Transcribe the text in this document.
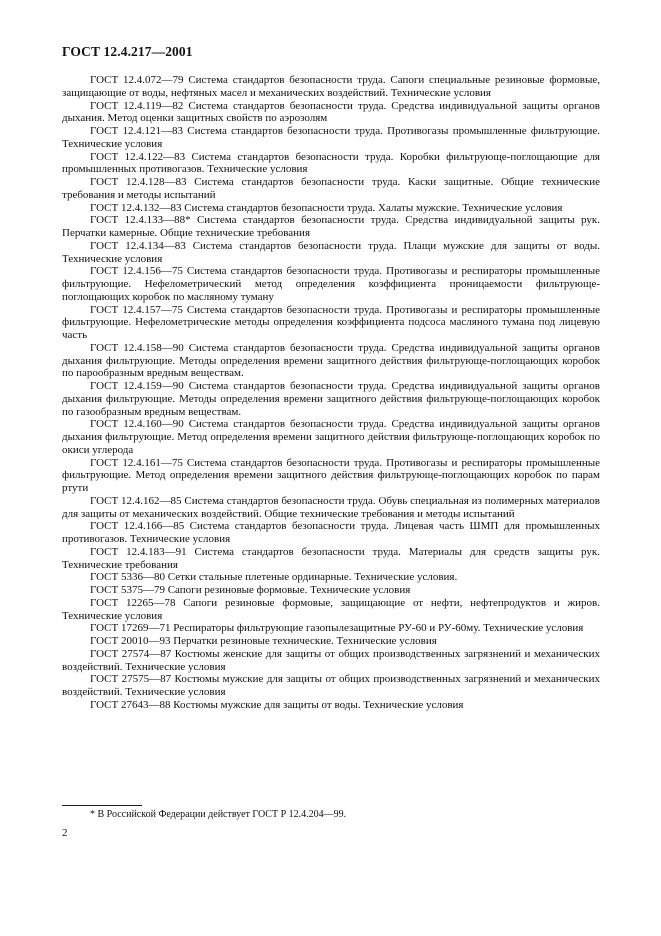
ГОСТ 12.4.217—2001

ГОСТ 12.4.072—79 Система стандартов безопасности труда. Сапоги специальные резиновые формовые, защищающие от воды, нефтяных масел и механических воздействий. Технические условия

ГОСТ 12.4.119—82 Система стандартов безопасности труда. Средства индивидуальной защиты органов дыхания. Метод оценки защитных свойств по аэрозолям

ГОСТ 12.4.121—83 Система стандартов безопасности труда. Противогазы промышленные фильтрующие. Технические условия

ГОСТ 12.4.122—83 Система стандартов безопасности труда. Коробки фильтрующе-поглощающие для промышленных противогазов. Технические условия

ГОСТ 12.4.128—83 Система стандартов безопасности труда. Каски защитные. Общие технические требования и методы испытаний

ГОСТ 12.4.132—83 Система стандартов безопасности труда. Халаты мужские. Технические условия

ГОСТ 12.4.133—88* Система стандартов безопасности труда. Средства индивидуальной защиты рук. Перчатки камерные. Общие технические требования

ГОСТ 12.4.134—83 Система стандартов безопасности труда. Плащи мужские для защиты от воды. Технические условия

ГОСТ 12.4.156—75 Система стандартов безопасности труда. Противогазы и респираторы промышленные фильтрующие. Нефелометрический метод определения коэффициента проницаемости фильтрующе-поглощающих коробок по масляному туману

ГОСТ 12.4.157—75 Система стандартов безопасности труда. Противогазы и респираторы промышленные фильтрующие. Нефелометрические методы определения коэффициента подсоса масляного тумана под лицевую часть

ГОСТ 12.4.158—90 Система стандартов безопасности труда. Средства индивидуальной защиты органов дыхания фильтрующие. Методы определения времени защитного действия фильтрующе-поглощающих коробок по парообразным вредным веществам.

ГОСТ 12.4.159—90 Система стандартов безопасности труда. Средства индивидуальной защиты органов дыхания фильтрующие. Методы определения времени защитного действия фильтрующе-поглощающих коробок по газообразным вредным веществам.

ГОСТ 12.4.160—90 Система стандартов безопасности труда. Средства индивидуальной защиты органов дыхания фильтрующие. Метод определения времени защитного действия фильтрующе-поглощающих коробок по окиси углерода

ГОСТ 12.4.161—75 Система стандартов безопасности труда. Противогазы и респираторы промышленные фильтрующие. Метод определения времени защитного действия фильтрующе-поглощающих коробок по парам ртути

ГОСТ 12.4.162—85 Система стандартов безопасности труда. Обувь специальная из полимерных материалов для защиты от механических воздействий. Общие технические требования и методы испытаний

ГОСТ 12.4.166—85 Система стандартов безопасности труда. Лицевая часть ШМП для промышленных противогазов. Технические условия

ГОСТ 12.4.183—91 Система стандартов безопасности труда. Материалы для средств защиты рук. Технические требования

ГОСТ 5336—80 Сетки стальные плетеные ординарные. Технические условия.

ГОСТ 5375—79 Сапоги резиновые формовые. Технические условия

ГОСТ 12265—78 Сапоги резиновые формовые, защищающие от нефти, нефтепродуктов и жиров. Технические условия

ГОСТ 17269—71 Респираторы фильтрующие газопылезащитные РУ-60 и РУ-60му. Технические условия

ГОСТ 20010—93 Перчатки резиновые технические. Технические условия

ГОСТ 27574—87 Костюмы женские для защиты от общих производственных загрязнений и механических воздействий. Технические условия

ГОСТ 27575—87 Костюмы мужские для защиты от общих производственных загрязнений и механических воздействий. Технические условия

ГОСТ 27643—88 Костюмы мужские для защиты от воды. Технические условия

* В Российской Федерации действует ГОСТ Р 12.4.204—99.
2
